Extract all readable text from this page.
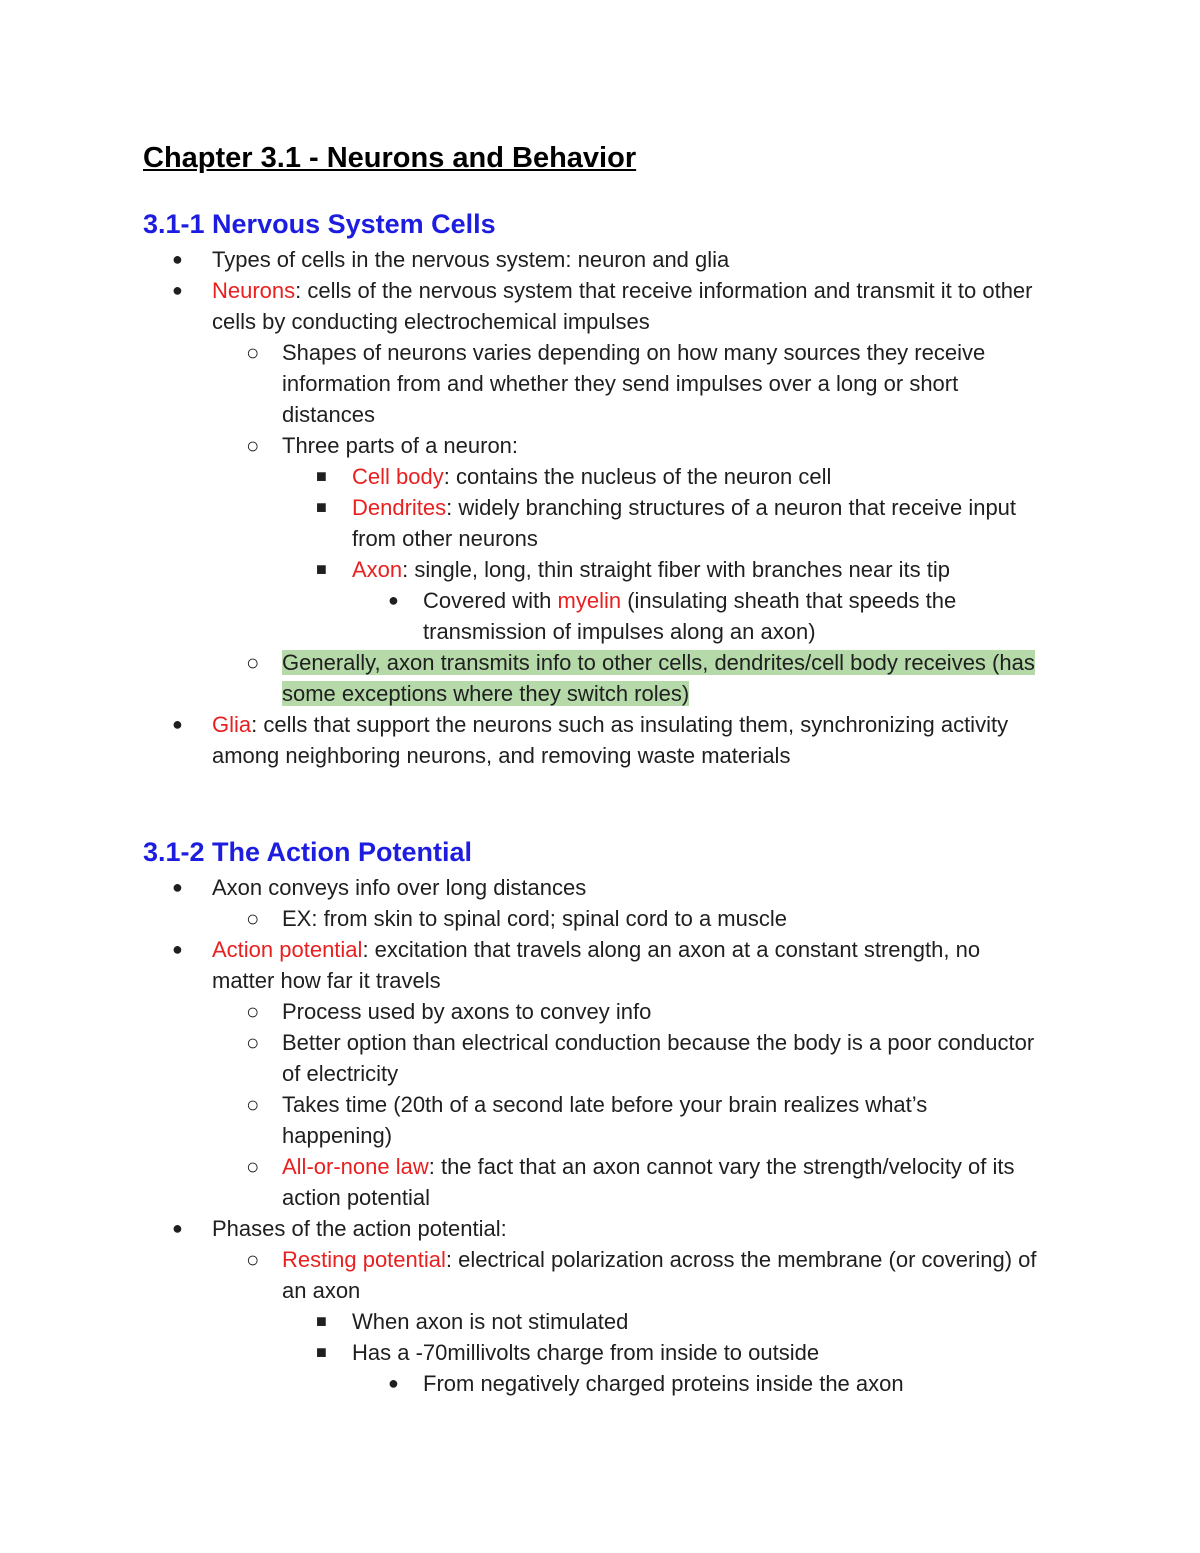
Chapter 3.1 - Neurons and Behavior
3.1-1 Nervous System Cells
● Types of cells in the nervous system: neuron and glia
● Neurons: cells of the nervous system that receive information and transmit it to other cells by conducting electrochemical impulses
○ Shapes of neurons varies depending on how many sources they receive information from and whether they send impulses over a long or short distances
○ Three parts of a neuron:
■ Cell body: contains the nucleus of the neuron cell
■ Dendrites: widely branching structures of a neuron that receive input from other neurons
■ Axon: single, long, thin straight fiber with branches near its tip
● Covered with myelin (insulating sheath that speeds the transmission of impulses along an axon)
○ Generally, axon transmits info to other cells, dendrites/cell body receives (has some exceptions where they switch roles)
● Glia: cells that support the neurons such as insulating them, synchronizing activity among neighboring neurons, and removing waste materials
3.1-2 The Action Potential
● Axon conveys info over long distances
○ EX: from skin to spinal cord; spinal cord to a muscle
● Action potential: excitation that travels along an axon at a constant strength, no matter how far it travels
○ Process used by axons to convey info
○ Better option than electrical conduction because the body is a poor conductor of electricity
○ Takes time (20th of a second late before your brain realizes what’s happening)
○ All-or-none law: the fact that an axon cannot vary the strength/velocity of its action potential
● Phases of the action potential:
○ Resting potential: electrical polarization across the membrane (or covering) of an axon
■ When axon is not stimulated
■ Has a -70millivolts charge from inside to outside
● From negatively charged proteins inside the axon
